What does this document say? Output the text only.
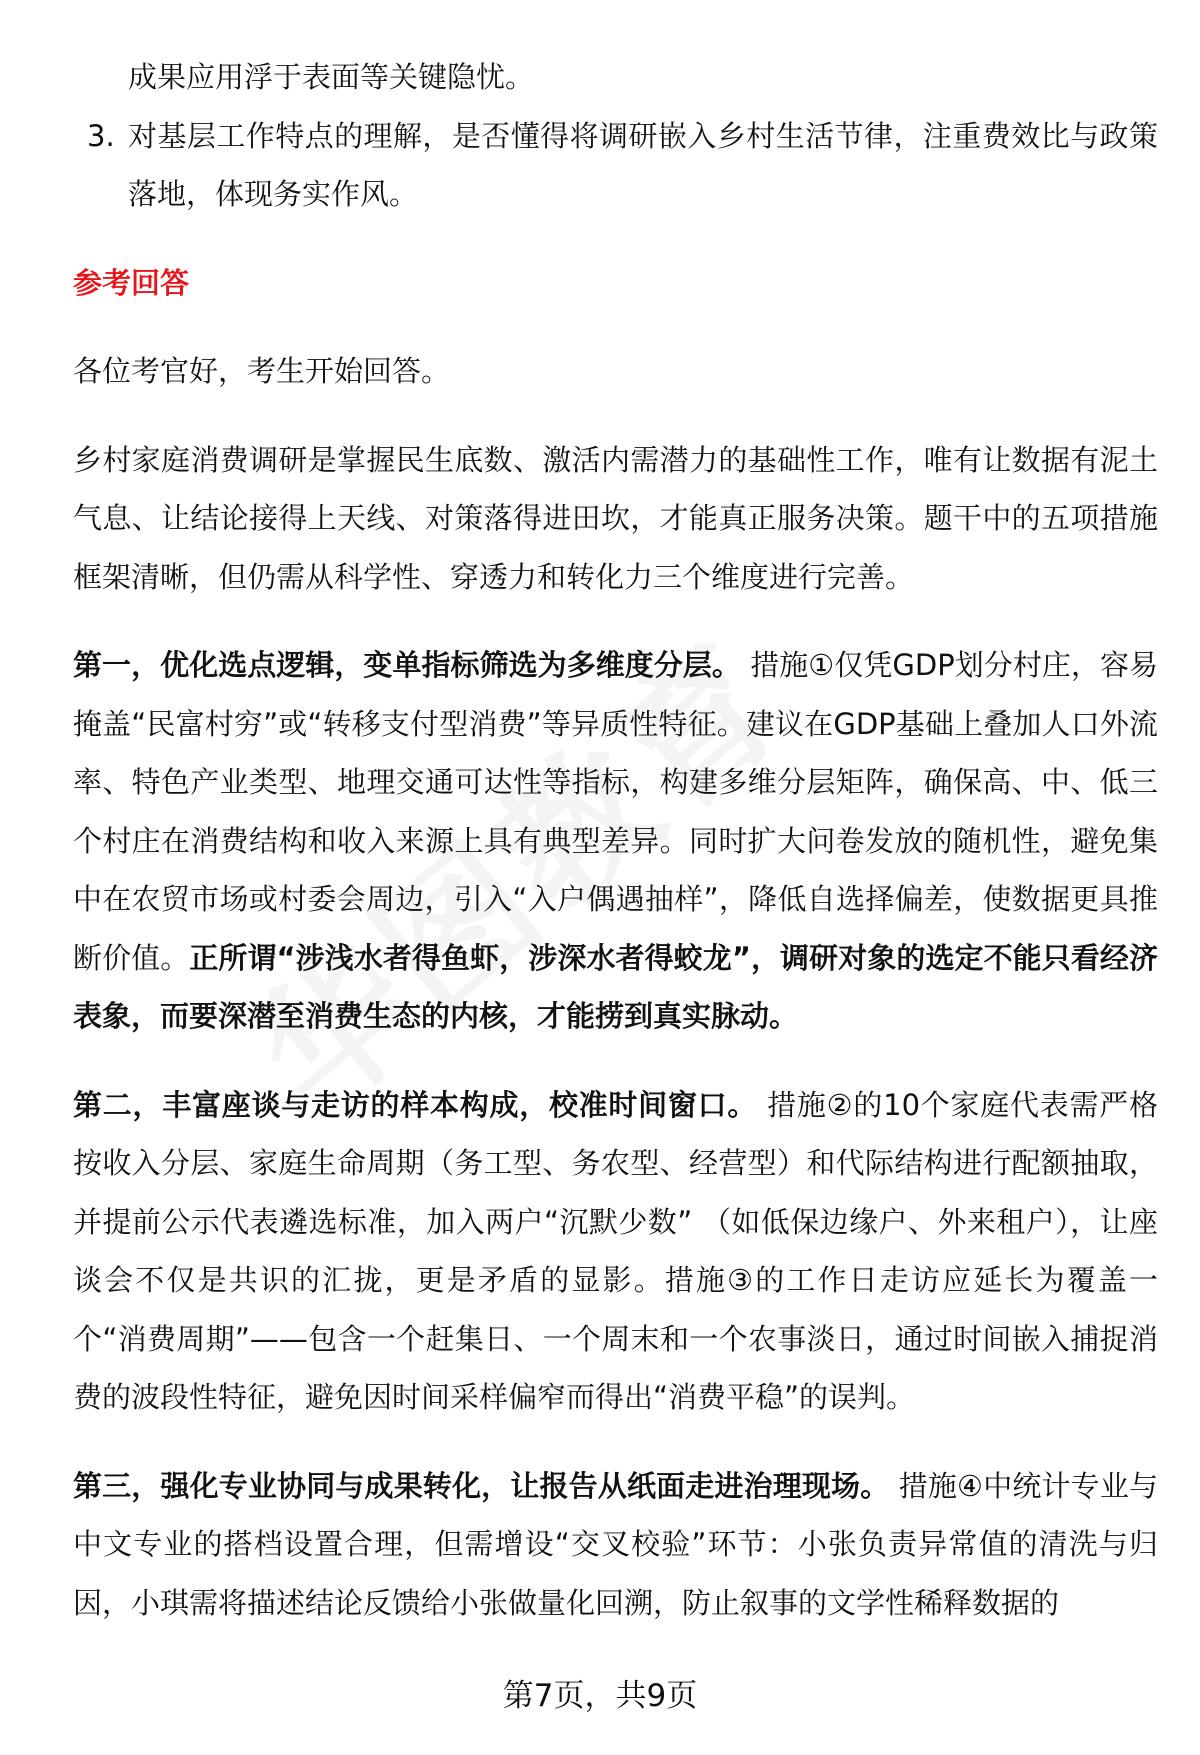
成果应用浮于表面等关键隐忧。

3. 对基层工作特点的理解，是否懂得将调研嵌入乡村生活节律，注重费效比与政策落地，体现务实作风。

参考回答

各位考官好，考生开始回答。

乡村家庭消费调研是掌握民生底数、激活内需潜力的基础性工作，唯有让数据有泥土气息、让结论接得上天线、对策落得进田坎，才能真正服务决策。题干中的五项措施框架清晰，但仍需从科学性、穿透力和转化力三个维度进行完善。

第一，优化选点逻辑，变单指标筛选为多维度分层。 措施①仅凭GDP划分村庄，容易掩盖“民富村穷”或“转移支付型消费”等异质性特征。建议在GDP基础上叠加人口外流率、特色产业类型、地理交通可达性等指标，构建多维分层矩阵，确保高、中、低三个村庄在消费结构和收入来源上具有典型差异。同时扩大问卷发放的随机性，避免集中在农贸市场或村委会周边，引入“入户偶遇抽样”，降低自选择偏差，使数据更具推断价值。正所谓“涉浅水者得鱼虾，涉深水者得蛟龙”，调研对象的选定不能只看经济表象，而要深潜至消费生态的内核，才能捞到真实脉动。

第二，丰富座谈与走访的样本构成，校准时间窗口。 措施②的10个家庭代表需严格按收入分层、家庭生命周期（务工型、务农型、经营型）和代际结构进行配额抽取，并提前公示代表遴选标准，加入两户“沉默少数” （如低保边缘户、外来租户），让座谈会不仅是共识的汇拢，更是矛盾的显影。措施③的工作日走访应延长为覆盖一个“消费周期”——包含一个赶集日、一个周末和一个农事淡日，通过时间嵌入捕捉消费的波段性特征，避免因时间采样偏窄而得出“消费平稳”的误判。

第三，强化专业协同与成果转化，让报告从纸面走进治理现场。 措施④中统计专业与中文专业的搭档设置合理，但需增设“交叉校验”环节：小张负责异常值的清洗与归因，小琪需将描述结论反馈给小张做量化回溯，防止叙事的文学性稀释数据的

第7页，共9页
